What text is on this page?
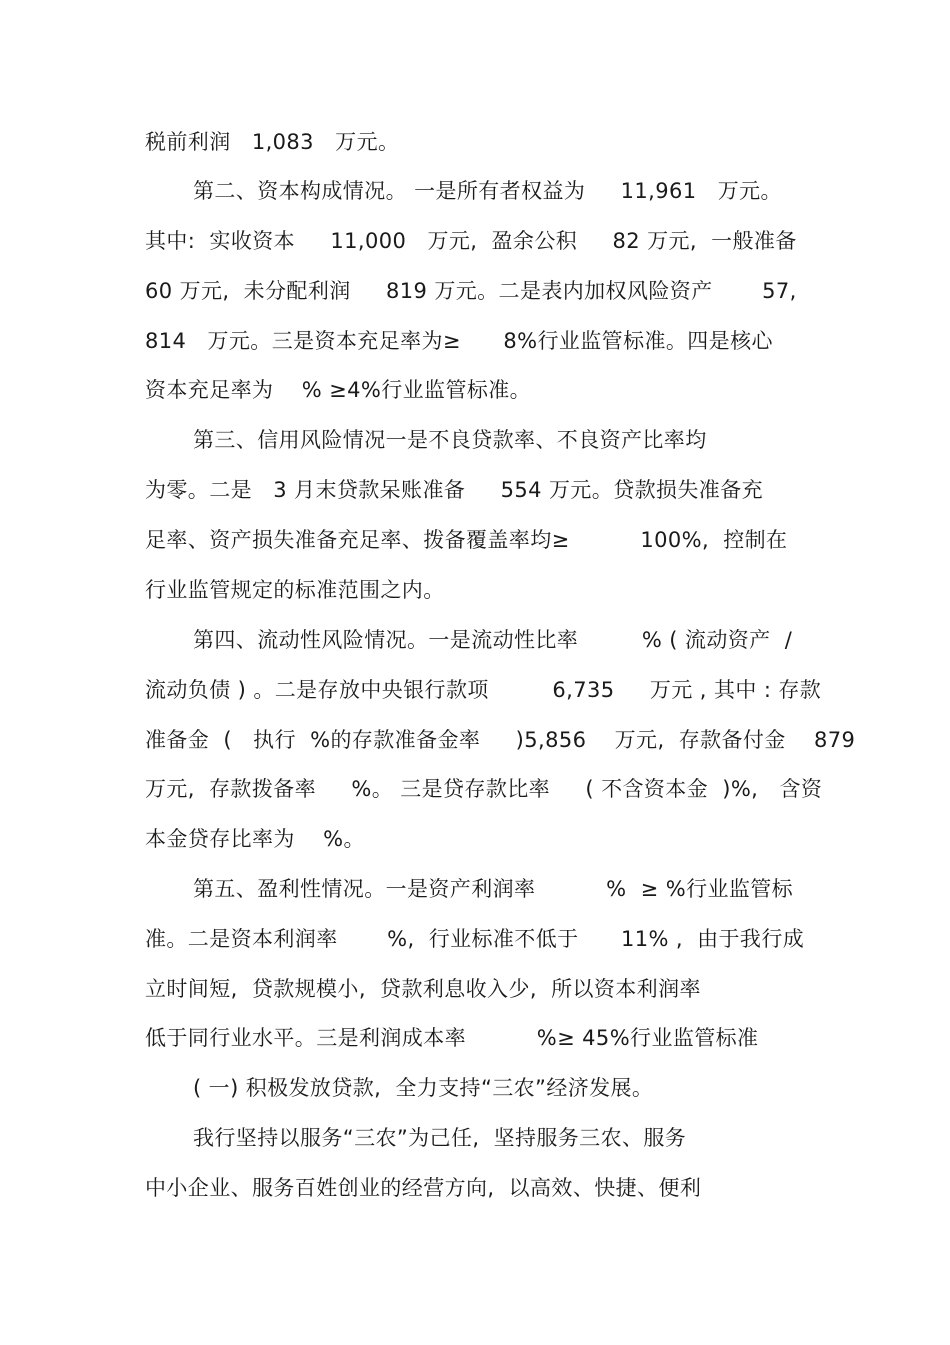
税前利润   1,083   万元。
第二、资本构成情况。 一是所有者权益为     11,961   万元。
其中:  实收资本     11,000   万元,  盈余公积     82 万元,  一般准备
60 万元,  未分配利润     819 万元。二是表内加权风险资产       57,
814   万元。三是资本充足率为≥      8%行业监管标准。四是核心
资本充足率为    % ≥4%行业监管标准。
第三、信用风险情况一是不良贷款率、不良资产比率均
为零。二是   3 月末贷款呆账准备     554 万元。贷款损失准备充
足率、资产损失准备充足率、拨备覆盖率均≥          100%,  控制在
行业监管规定的标准范围之内。
第四、流动性风险情况。一是流动性比率         % ( 流动资产  /
流动负债 ) 。二是存放中央银行款项         6,735     万元 , 其中 : 存款
准备金  (   执行  %的存款准备金率     )5,856    万元,  存款备付金    879
万元,  存款拨备率     %。 三是贷存款比率     ( 不含资本金  )%,   含资
本金贷存比率为    %。
第五、盈利性情况。一是资产利润率          %  ≥ %行业监管标
准。二是资本利润率       %,  行业标准不低于      11% ,  由于我行成
立时间短,  贷款规模小,  贷款利息收入少,  所以资本利润率
低于同行业水平。三是利润成本率          %≥ 45%行业监管标准
( 一) 积极发放贷款,  全力支持“三农”经济发展。
我行坚持以服务“三农”为己任,  坚持服务三农、服务
中小企业、服务百姓创业的经营方向,  以高效、快捷、便利
